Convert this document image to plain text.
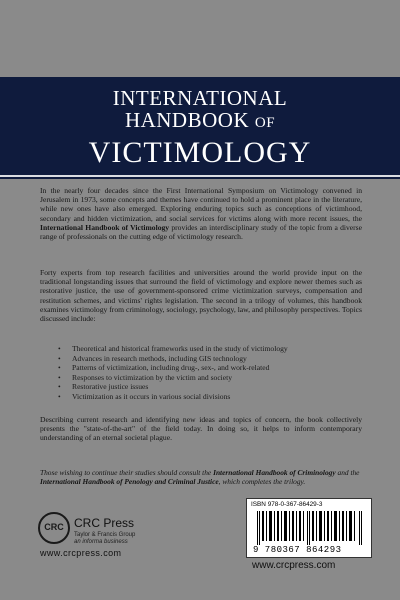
INTERNATIONAL
HANDBOOK OF
VICTIMOLOGY
In the nearly four decades since the First International Symposium on Victimology convened in Jerusalem in 1973, some concepts and themes have continued to hold a prominent place in the literature, while new ones have also emerged. Exploring enduring topics such as conceptions of victimhood, secondary and hidden victimization, and social services for victims along with more recent issues, the International Handbook of Victimology provides an interdisciplinary study of the topic from a diverse range of professionals on the cutting edge of victimology research.
Forty experts from top research facilities and universities around the world provide input on the traditional longstanding issues that surround the field of victimology and explore newer themes such as restorative justice, the use of government-sponsored crime victimization surveys, compensation and restitution schemes, and victims' rights legislation. The second in a trilogy of volumes, this handbook examines victimology from criminology, sociology, psychology, law, and philosophy perspectives. Topics discussed include:
• Theoretical and historical frameworks used in the study of victimology
• Advances in research methods, including GIS technology
• Patterns of victimization, including drug-, sex-, and work-related
• Responses to victimization by the victim and society
• Restorative justice issues
• Victimization as it occurs in various social divisions
Describing current research and identifying new ideas and topics of concern, the book collectively presents the "state-of-the-art" of the field today. In doing so, it helps to inform contemporary understanding of an eternal societal plague.
Those wishing to continue their studies should consult the International Handbook of Criminology and the International Handbook of Penology and Criminal Justice, which completes the trilogy.
CRC CRC Press
Taylor & Francis Group
an informa business
www.crcpress.com
ISBN 978-0-367-86429-3
9 780367 864293
www.crcpress.com
